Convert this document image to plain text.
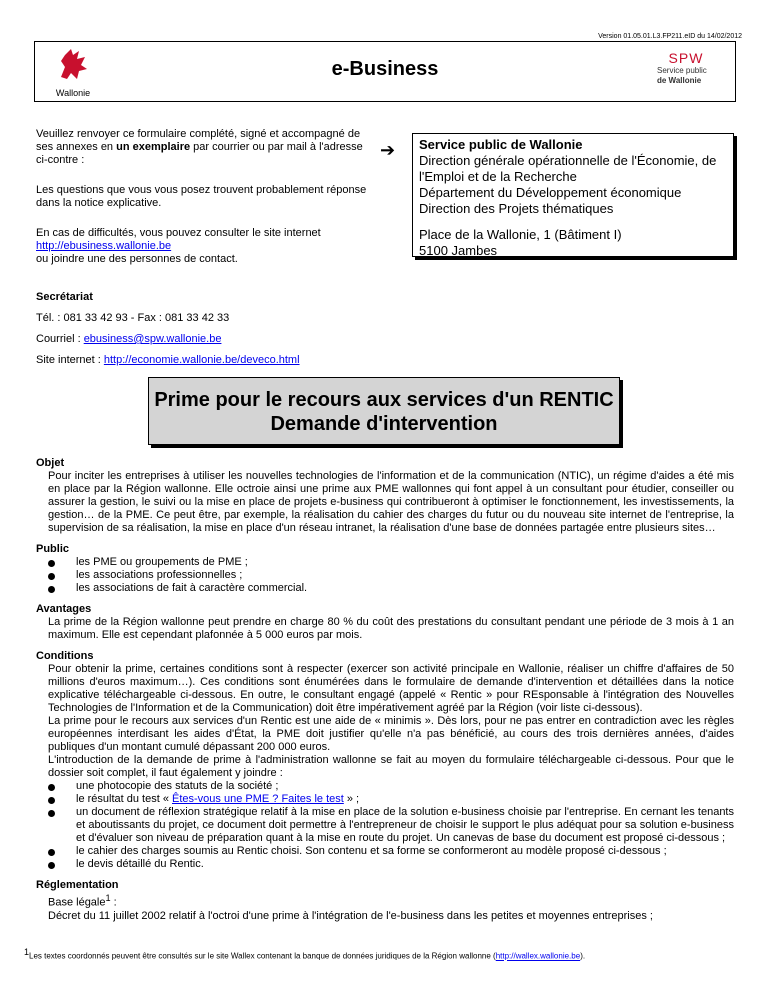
Version 01.05.01.L3.FP211.eID du 14/02/2012
Wallonie
e-Business	SPW
Service public
de Wallonie

Veuillez renvoyer ce formulaire complété, signé et accompagné de ses annexes en un exemplaire par courrier ou par mail à l'adresse ci-contre :

Les questions que vous vous posez trouvent probablement réponse dans la notice explicative.

En cas de difficultés, vous pouvez consulter le site internet
http://ebusiness.wallonie.be
ou joindre une des personnes de contact.

➔ Service public de Wallonie
Direction générale opérationnelle de l'Économie, de l'Emploi et de la Recherche
Département du Développement économique
Direction des Projets thématiques
Place de la Wallonie, 1 (Bâtiment I)
5100 Jambes
Secrétariat
Tél. : 081 33 42 93 - Fax : 081 33 42 33
Courriel : ebusiness@spw.wallonie.be
Site internet : http://economie.wallonie.be/deveco.html
Prime pour le recours aux services d'un RENTIC
Demande d'intervention
Objet
Pour inciter les entreprises à utiliser les nouvelles technologies de l'information et de la communication (NTIC), un régime d'aides a été mis en place par la Région wallonne. Elle octroie ainsi une prime aux PME wallonnes qui font appel à un consultant pour étudier, conseiller ou assurer la gestion, le suivi ou la mise en place de projets e-business qui contribueront à optimiser le fonctionnement, les investissements, la gestion… de la PME. Ce peut être, par exemple, la réalisation du cahier des charges du futur ou du nouveau site internet de l'entreprise, la supervision de sa réalisation, la mise en place d'un réseau intranet, la réalisation d'une base de données partagée entre plusieurs sites…
Public
les PME ou groupements de PME ;
les associations professionnelles ;
les associations de fait à caractère commercial.
Avantages
La prime de la Région wallonne peut prendre en charge 80 % du coût des prestations du consultant pendant une période de 3 mois à 1 an maximum. Elle est cependant plafonnée à 5 000 euros par mois.
Conditions
Pour obtenir la prime, certaines conditions sont à respecter (exercer son activité principale en Wallonie, réaliser un chiffre d'affaires de 50 millions d'euros maximum…). Ces conditions sont énumérées dans le formulaire de demande d'intervention et détaillées dans la notice explicative téléchargeable ci-dessous. En outre, le consultant engagé (appelé « Rentic » pour REsponsable à l'intégration des Nouvelles Technologies de l'Information et de la Communication) doit être impérativement agréé par la Région (voir liste ci-dessous).
La prime pour le recours aux services d'un Rentic est une aide de « minimis ». Dès lors, pour ne pas entrer en contradiction avec les règles européennes interdisant les aides d'État, la PME doit justifier qu'elle n'a pas bénéficié, au cours des trois dernières années, d'aides publiques d'un montant cumulé dépassant 200 000 euros.
L'introduction de la demande de prime à l'administration wallonne se fait au moyen du formulaire téléchargeable ci-dessous. Pour que le dossier soit complet, il faut également y joindre :
une photocopie des statuts de la société ;
le résultat du test « Êtes-vous une PME ? Faites le test » ;
un document de réflexion stratégique relatif à la mise en place de la solution e-business choisie par l'entreprise. En cernant les tenants et aboutissants du projet, ce document doit permettre à l'entrepreneur de choisir le support le plus adéquat pour sa solution e-business et d'évaluer son niveau de préparation quant à la mise en route du projet. Un canevas de base du document est proposé ci-dessous ;
le cahier des charges soumis au Rentic choisi. Son contenu et sa forme se conformeront au modèle proposé ci-dessous ;
le devis détaillé du Rentic.
Réglementation
Base légale$^1$ :
Décret du 11 juillet 2002 relatif à l'octroi d'une prime à l'intégration de l'e-business dans les petites et moyennes entreprises ;
$^1$Les textes coordonnés peuvent être consultés sur le site Wallex contenant la banque de données juridiques de la Région wallonne (http://wallex.wallonie.be).
